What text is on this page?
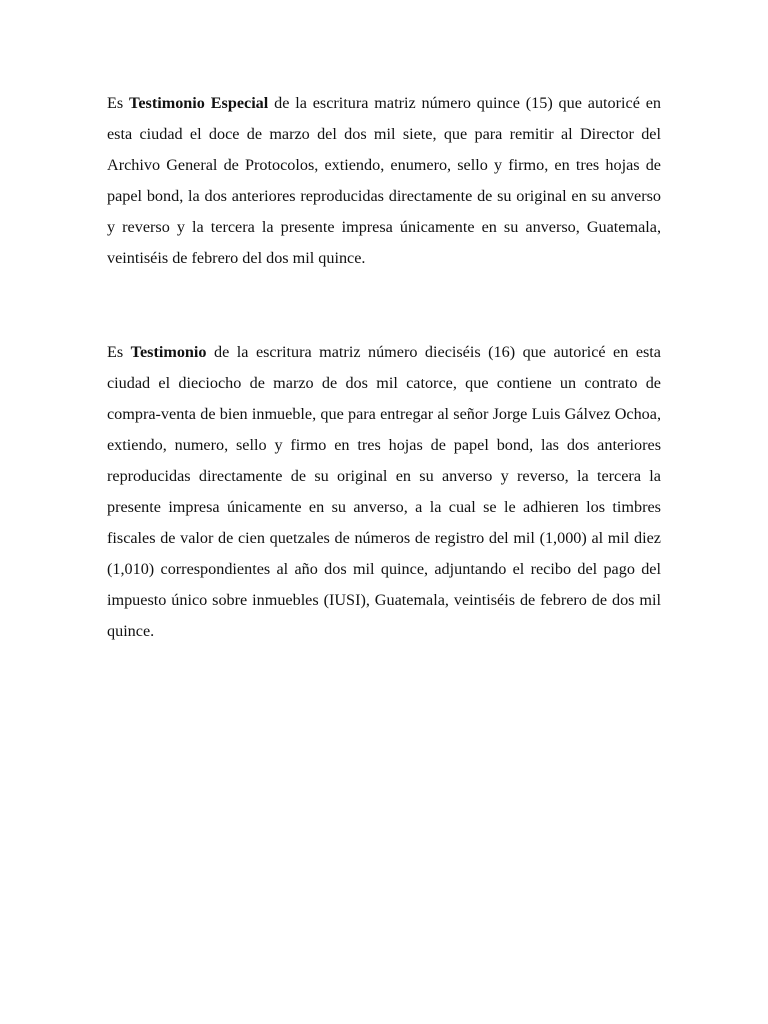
Es Testimonio Especial de la escritura matriz número quince (15) que autoricé en esta ciudad el doce de marzo del dos mil siete, que para remitir al Director del Archivo General de Protocolos, extiendo, enumero, sello y firmo, en tres hojas de papel bond, la dos anteriores reproducidas directamente de su original en su anverso y reverso y la tercera la presente impresa únicamente en su anverso, Guatemala, veintiséis de febrero del dos mil quince.

Es Testimonio de la escritura matriz número dieciséis (16) que autoricé en esta ciudad el dieciocho de marzo de dos mil catorce, que contiene un contrato de compra-venta de bien inmueble, que para entregar al señor Jorge Luis Gálvez Ochoa, extiendo, numero, sello y firmo en tres hojas de papel bond, las dos anteriores reproducidas directamente de su original en su anverso y reverso, la tercera la presente impresa únicamente en su anverso, a la cual se le adhieren los timbres fiscales de valor de cien quetzales de números de registro del mil (1,000) al mil diez (1,010) correspondientes al año dos mil quince, adjuntando el recibo del pago del impuesto único sobre inmuebles (IUSI), Guatemala, veintiséis de febrero de dos mil quince.
